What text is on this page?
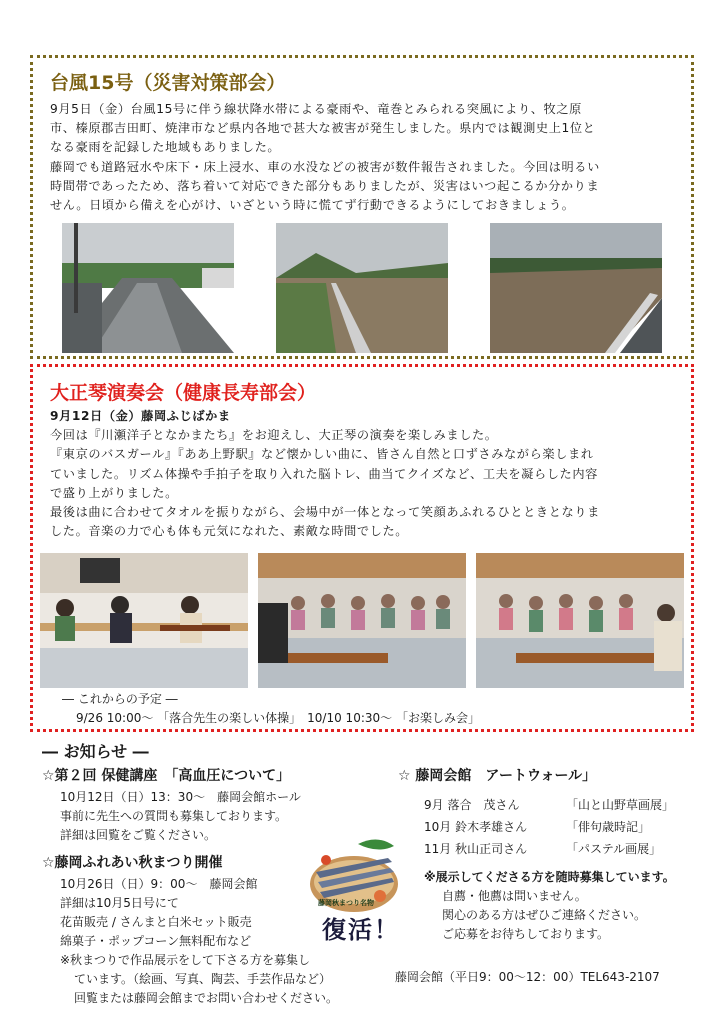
台風15号（災害対策部会）
9月5日（金）台風15号に伴う線状降水帯による豪雨や、竜巻とみられる突風により、牧之原
市、榛原郡吉田町、焼津市など県内各地で甚大な被害が発生しました。県内では観測史上1位と
なる豪雨を記録した地域もありました。
藤岡でも道路冠水や床下・床上浸水、車の水没などの被害が数件報告されました。今回は明るい
時間帯であったため、落ち着いて対応できた部分もありましたが、災害はいつ起こるか分かりま
せん。日頃から備えを心がけ、いざという時に慌てず行動できるようにしておきましょう。
大正琴演奏会（健康長寿部会）
9月12日（金）藤岡ふじばかま
今回は『川瀬洋子となかまたち』をお迎えし、大正琴の演奏を楽しみました。
『東京のバスガール』『ああ上野駅』など懐かしい曲に、皆さん自然と口ずさみながら楽しまれ
ていました。リズム体操や手拍子を取り入れた脳トレ、曲当てクイズなど、工夫を凝らした内容
で盛り上がりました。
最後は曲に合わせてタオルを振りながら、会場中が一体となって笑顔あふれるひとときとなりま
した。音楽の力で心も体も元気になれた、素敵な時間でした。
― これからの予定 ―
9/26 10:00～ 「落合先生の楽しい体操」　10/10 10:30～ 「お楽しみ会」
― お知らせ ―
☆第２回 保健講座　「高血圧について」
10月12日（日）13：30～　藤岡会館ホール
事前に先生への質問も募集しております。
詳細は回覧をご覧ください。
☆藤岡ふれあい秋まつり開催
10月26日（日）9：00～　藤岡会館
詳細は10月5日号にて
花苗販売 / さんまと白米セット販売
綿菓子・ポップコーン無料配布など
※秋まつりで作品展示をして下さる方を募集し
ています。（絵画、写真、陶芸、手芸作品など）
回覧または藤岡会館までお問い合わせください。
藤岡秋まつり名物
復活！
☆ 藤岡会館　アートウォール」
9月 落合　茂さん	「山と山野草画展」
10月 鈴木孝雄さん	「俳句歳時記」
11月 秋山正司さん	「パステル画展」
※展示してくださる方を随時募集しています。
自薦・他薦は問いません。
関心のある方はぜひご連絡ください。
ご応募をお待ちしております。
藤岡会館（平日9：00～12：00）TEL643-2107
